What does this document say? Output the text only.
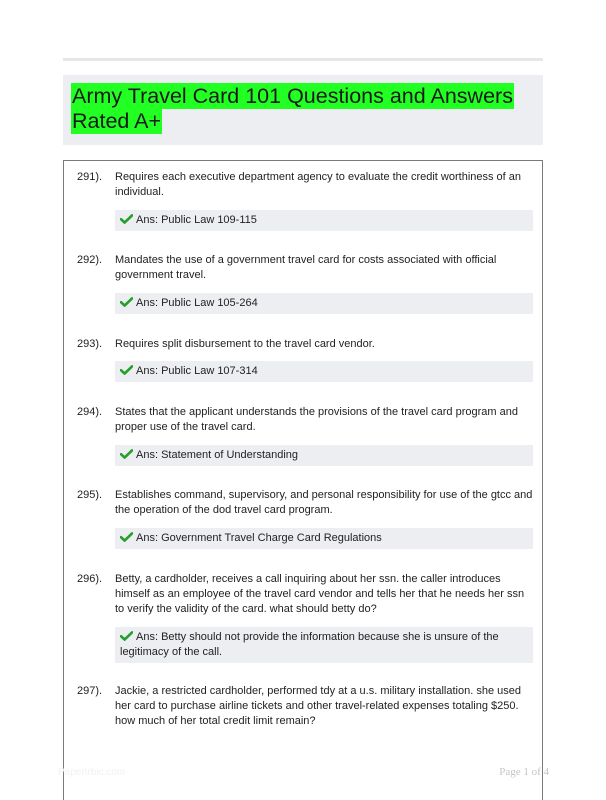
Army Travel Card 101 Questions and Answers Rated A+
291). Requires each executive department agency to evaluate the credit worthiness of an individual.
Ans: Public Law 109-115
292). Mandates the use of a government travel card for costs associated with official government travel.
Ans: Public Law 105-264
293). Requires split disbursement to the travel card vendor.
Ans: Public Law 107-314
294). States that the applicant understands the provisions of the travel card program and proper use of the travel card.
Ans: Statement of Understanding
295). Establishes command, supervisory, and personal responsibility for use of the gtcc and the operation of the dod travel card program.
Ans: Government Travel Charge Card Regulations
296). Betty, a cardholder, receives a call inquiring about her ssn. the caller introduces himself as an employee of the travel card vendor and tells her that he needs her ssn to verify the validity of the card. what should betty do?
Ans: Betty should not provide the information because she is unsure of the legitimacy of the call.
297). Jackie, a restricted cardholder, performed tdy at a u.s. military installation. she used her card to purchase airline tickets and other travel-related expenses totaling $250. how much of her total credit limit remain?
Papertrbic.com	Page 1 of 4
